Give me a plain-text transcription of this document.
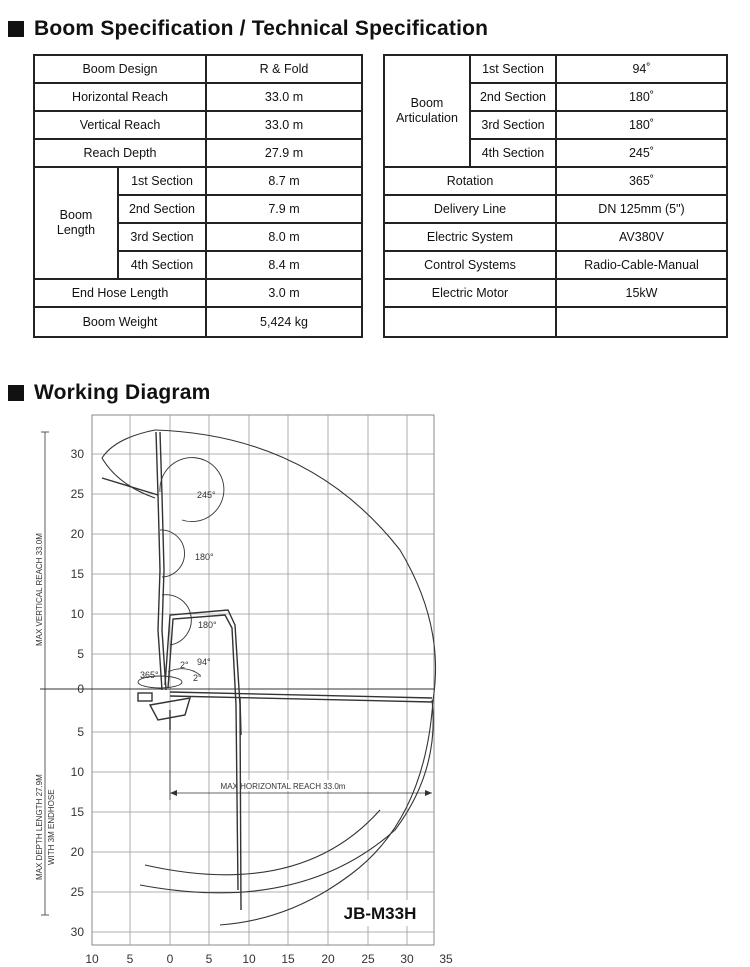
Boom Specification / Technical Specification
Boom Design		R & Fold
Horizontal Reach		33.0 m
Vertical Reach		33.0 m
Reach Depth		27.9 m
Boom
Length	1st Section	8.7 m
	2nd Section	7.9 m
	3rd Section	8.0 m
	4th Section	8.4 m
End Hose Length		3.0 m
Boom Weight		5,424 kg
Boom
Articulation	1st Section	94˚
	2nd Section	180˚
	3rd Section	180˚
	4th Section	245˚
Rotation		365˚
Delivery Line		DN 125mm (5")
Electric System		AV380V
Control Systems		Radio-Cable-Manual
Electric Motor		15kW

Working Diagram
30
25
20
15
10
5
0
5
10
15
20
25
30
10 5	0	5 10 15 20 25 30 35
MAX VERTICAL REACH 33.0M
MAX DEPTH LENGTH 27.9M WITH 3M ENDHOSE
MAX HORIZONTAL REACH 33.0m
245°
180°
180°
94°
2°
2°
365°
JB-M33H
